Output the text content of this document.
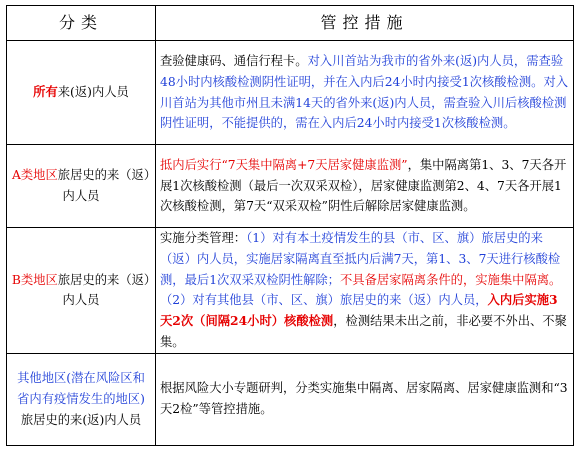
分类	管控措施
所有来(返)内人员	查验健康码、通信行程卡。对入川首站为我市的省外来(返)内人员，需查验48小时内核酸检测阴性证明，并在入内后24小时内接受1次核酸检测。对入川首站为其他市州且未满14天的省外来(返)内人员，需查验入川后核酸检测阴性证明，不能提供的，需在入内后24小时内接受1次核酸检测。
A类地区旅居史的来（返）内人员	抵内后实行“7天集中隔离+7天居家健康监测”，集中隔离第1、3、7天各开展1次核酸检测（最后一次双采双检），居家健康监测第2、4、7天各开展1次核酸检测，第7天“双采双检”阴性后解除居家健康监测。
B类地区旅居史的来（返）内人员	实施分类管理：（1）对有本土疫情发生的县（市、区、旗）旅居史的来（返）内人员，实施居家隔离直至抵内后满7天，第1、3、7天进行核酸检测，最后1次双采双检阴性解除；不具备居家隔离条件的，实施集中隔离。（2）对有其他县（市、区、旗）旅居史的来（返）内人员，入内后实施3天2次（间隔24小时）核酸检测，检测结果未出之前，非必要不外出、不聚集。
其他地区(潜在风险区和省内有疫情发生的地区)旅居史的来(返)内人员	根据风险大小专题研判，分类实施集中隔离、居家隔离、居家健康监测和“3天2检”等管控措施。
